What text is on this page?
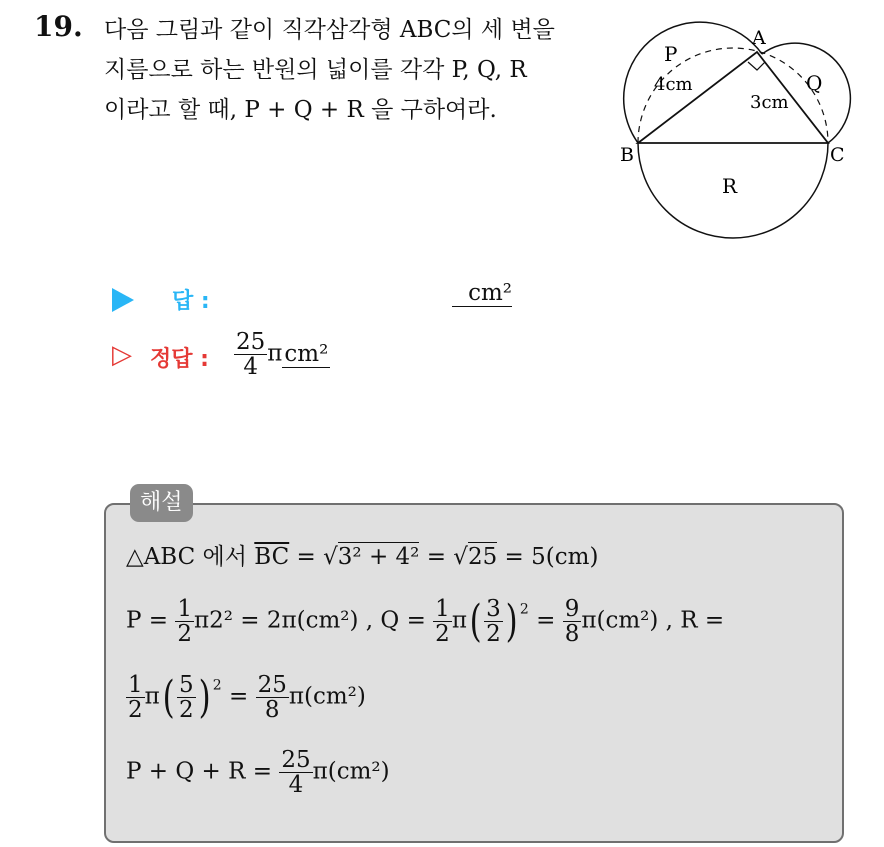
19. 다음 그림과 같이 직각삼각형 ABC의 세 변을
지름으로 하는 반원의 넓이를 각각 P, Q, R
이라고 할 때, P + Q + R 을 구하여라.
A
B	C
P
Q
R
4cm
3cm
답 :	cm²
▷ 정답 : $\frac{25}{4} \pi cm^2$
해설
△ABC 에서 $\overline{BC} = √3^2 + 4^2 = √25 = 5(cm)$
$P = \frac{1}{2} \pi 2^2 = 2\pi(cm^2)$ , $Q = \frac{1}{2} \pi( \frac{3}{2}$ ) $^2 = \frac{9}{8} \pi(cm^2)$ , R =
$\frac{1}{2} \pi( \frac{5}{2}$ ) $^2 = \frac{25}{8} \pi(cm^2)$
$P + Q + R = \frac{25}{4} \pi(cm^2)$
